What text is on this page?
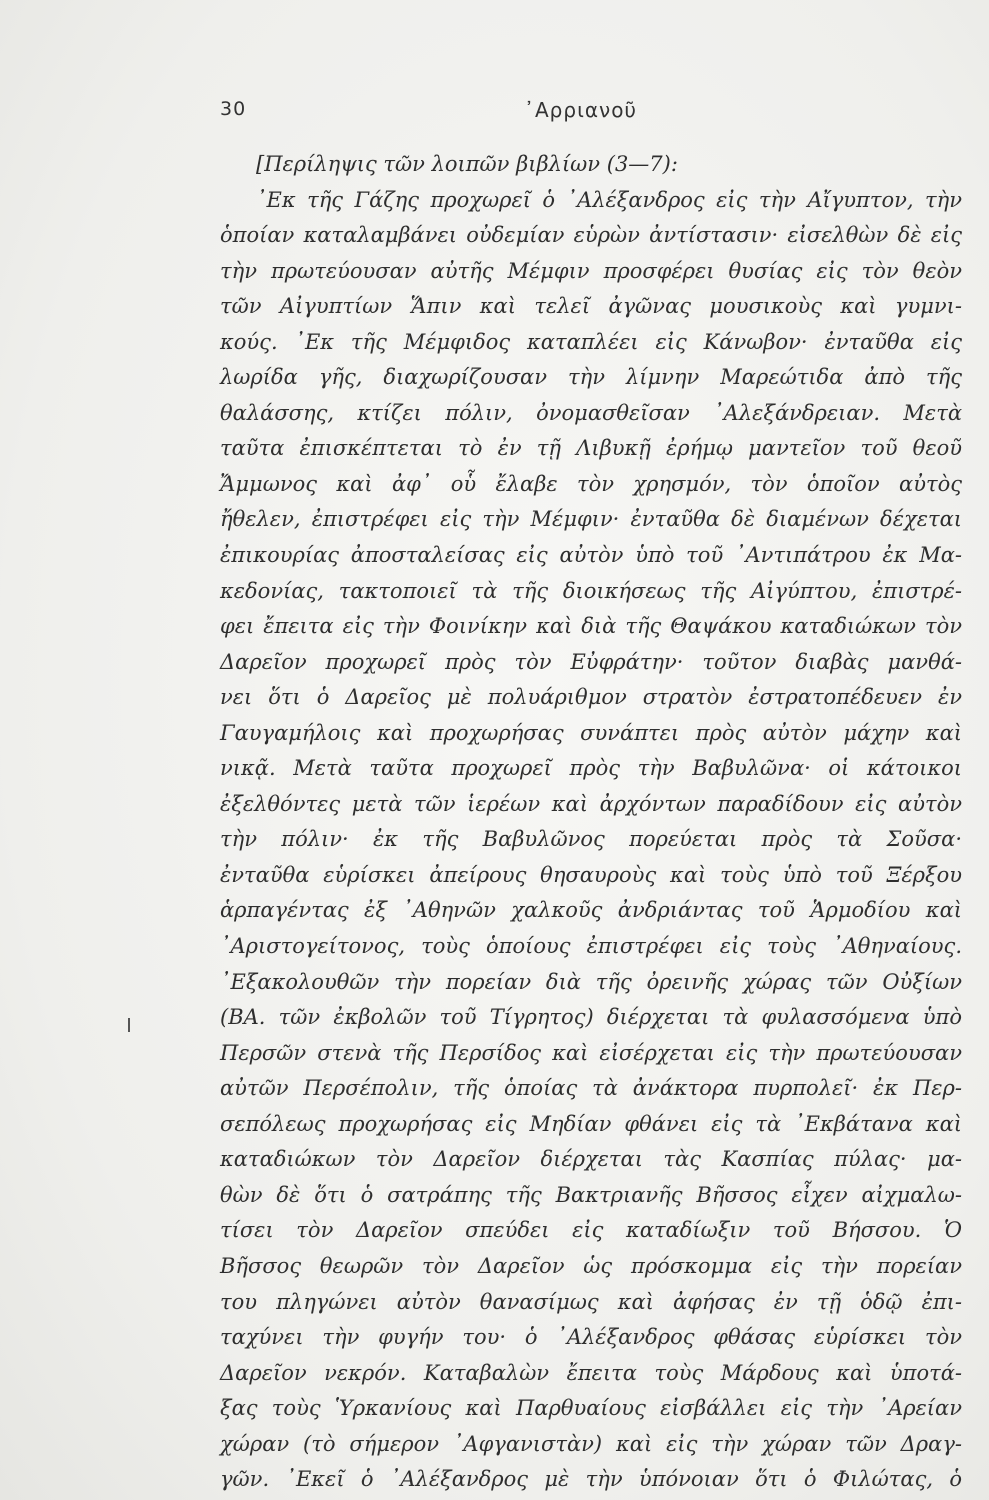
30	᾿Αρριανοῦ
[Περίληψις τῶν λοιπῶν βιβλίων (3—7):
᾿Εκ τῆς Γάζης προχωρεῖ ὁ ᾿Αλέξανδρος εἰς τὴν Αἴγυπτον, τὴν
ὁποίαν καταλαμβάνει οὐδεμίαν εὑρὼν ἀντίστασιν· εἰσελθὼν δὲ εἰς
τὴν πρωτεύουσαν αὐτῆς Μέμφιν προσφέρει θυσίας εἰς τὸν θεὸν
τῶν Αἰγυπτίων Ἅπιν καὶ τελεῖ ἀγῶνας μουσικοὺς καὶ γυμνι-
κούς. ᾿Εκ τῆς Μέμφιδος καταπλέει εἰς Κάνωβον· ἐνταῦθα εἰς
λωρίδα γῆς, διαχωρίζουσαν τὴν λίμνην Μαρεώτιδα ἀπὸ τῆς
θαλάσσης, κτίζει πόλιν, ὀνομασθεῖσαν ᾿Αλεξάνδρειαν. Μετὰ
ταῦτα ἐπισκέπτεται τὸ ἐν τῇ Λιβυκῇ ἐρήμῳ μαντεῖον τοῦ θεοῦ
Ἄμμωνος καὶ ἀφ᾿ οὗ ἔλαβε τὸν χρησμόν, τὸν ὁποῖον αὐτὸς
ἤθελεν, ἐπιστρέφει εἰς τὴν Μέμφιν· ἐνταῦθα δὲ διαμένων δέχεται
ἐπικουρίας ἀποσταλείσας εἰς αὐτὸν ὑπὸ τοῦ ᾿Αντιπάτρου ἐκ Μα-
κεδονίας, τακτοποιεῖ τὰ τῆς διοικήσεως τῆς Αἰγύπτου, ἐπιστρέ-
φει ἔπειτα εἰς τὴν Φοινίκην καὶ διὰ τῆς Θαψάκου καταδιώκων τὸν
Δαρεῖον προχωρεῖ πρὸς τὸν Εὐφράτην· τοῦτον διαβὰς μανθά-
νει ὅτι ὁ Δαρεῖος μὲ πολυάριθμον στρατὸν ἐστρατοπέδευεν ἐν
Γαυγαμήλοις καὶ προχωρήσας συνάπτει πρὸς αὐτὸν μάχην καὶ
νικᾷ. Μετὰ ταῦτα προχωρεῖ πρὸς τὴν Βαβυλῶνα· οἱ κάτοικοι
ἐξελθόντες μετὰ τῶν ἱερέων καὶ ἀρχόντων παραδίδουν εἰς αὐτὸν
τὴν πόλιν· ἐκ τῆς Βαβυλῶνος πορεύεται πρὸς τὰ Σοῦσα·
ἐνταῦθα εὑρίσκει ἀπείρους θησαυροὺς καὶ τοὺς ὑπὸ τοῦ Ξέρξου
ἁρπαγέντας ἐξ ᾿Αθηνῶν χαλκοῦς ἀνδριάντας τοῦ Ἁρμοδίου καὶ
᾿Αριστογείτονος, τοὺς ὁποίους ἐπιστρέφει εἰς τοὺς ᾿Αθηναίους.
᾿Εξακολουθῶν τὴν πορείαν διὰ τῆς ὀρεινῆς χώρας τῶν Οὐξίων
(ΒΑ. τῶν ἐκβολῶν τοῦ Τίγρητος) διέρχεται τὰ φυλασσόμενα ὑπὸ
Περσῶν στενὰ τῆς Περσίδος καὶ εἰσέρχεται εἰς τὴν πρωτεύουσαν
αὐτῶν Περσέπολιν, τῆς ὁποίας τὰ ἀνάκτορα πυρπολεῖ· ἐκ Περ-
σεπόλεως προχωρήσας εἰς Μηδίαν φθάνει εἰς τὰ ᾿Εκβάτανα καὶ
καταδιώκων τὸν Δαρεῖον διέρχεται τὰς Κασπίας πύλας· μα-
θὼν δὲ ὅτι ὁ σατράπης τῆς Βακτριανῆς Βῆσσος εἶχεν αἰχμαλω-
τίσει τὸν Δαρεῖον σπεύδει εἰς καταδίωξιν τοῦ Βήσσου. Ὁ
Βῆσσος θεωρῶν τὸν Δαρεῖον ὡς πρόσκομμα εἰς τὴν πορείαν
του πληγώνει αὐτὸν θανασίμως καὶ ἀφήσας ἐν τῇ ὁδῷ ἐπι-
ταχύνει τὴν φυγήν του· ὁ ᾿Αλέξανδρος φθάσας εὑρίσκει τὸν
Δαρεῖον νεκρόν. Καταβαλὼν ἔπειτα τοὺς Μάρδους καὶ ὑποτά-
ξας τοὺς Ὑρκανίους καὶ Παρθυαίους εἰσβάλλει εἰς τὴν ᾿Αρείαν
χώραν (τὸ σήμερον ᾿Αφγανιστὰν) καὶ εἰς τὴν χώραν τῶν Δραγ-
γῶν. ᾿Εκεῖ ὁ ᾿Αλέξανδρος μὲ τὴν ὑπόνοιαν ὅτι ὁ Φιλώτας, ὁ
